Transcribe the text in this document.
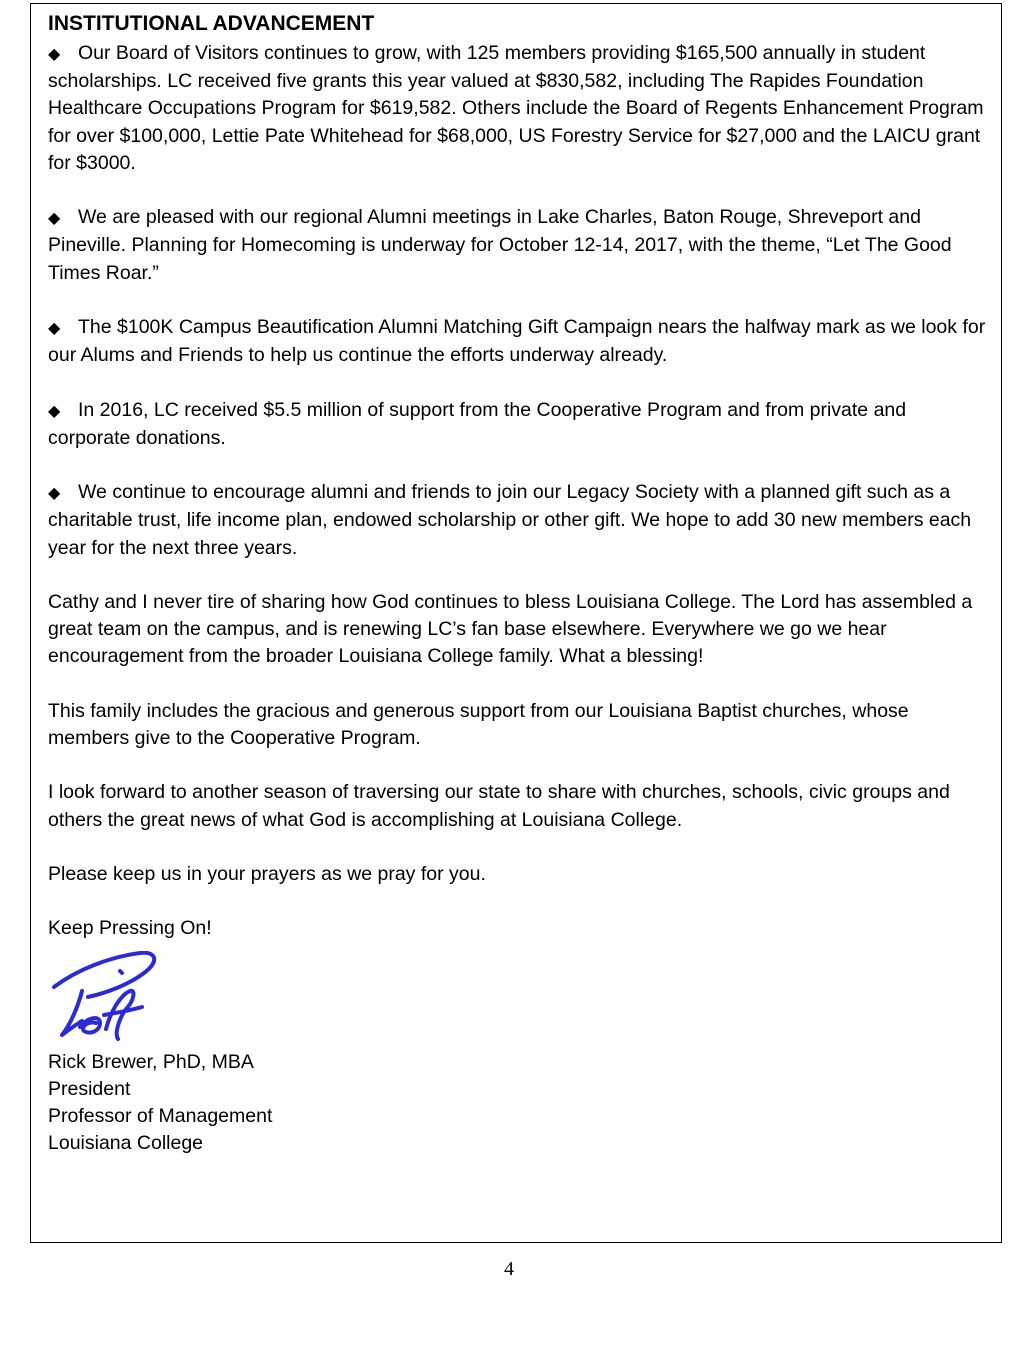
INSTITUTIONAL ADVANCEMENT

◆ Our Board of Visitors continues to grow, with 125 members providing $165,500 annually in student scholarships. LC received five grants this year valued at $830,582, including The Rapides Foundation Healthcare Occupations Program for $619,582. Others include the Board of Regents Enhancement Program for over $100,000, Lettie Pate Whitehead for $68,000, US Forestry Service for $27,000 and the LAICU grant for $3000.

◆ We are pleased with our regional Alumni meetings in Lake Charles, Baton Rouge, Shreveport and Pineville. Planning for Homecoming is underway for October 12-14, 2017, with the theme, “Let The Good Times Roar.”

◆ The $100K Campus Beautification Alumni Matching Gift Campaign nears the halfway mark as we look for our Alums and Friends to help us continue the efforts underway already.

◆ In 2016, LC received $5.5 million of support from the Cooperative Program and from private and corporate donations.

◆ We continue to encourage alumni and friends to join our Legacy Society with a planned gift such as a charitable trust, life income plan, endowed scholarship or other gift. We hope to add 30 new members each year for the next three years.

Cathy and I never tire of sharing how God continues to bless Louisiana College. The Lord has assembled a great team on the campus, and is renewing LC’s fan base elsewhere. Everywhere we go we hear encouragement from the broader Louisiana College family. What a blessing!

This family includes the gracious and generous support from our Louisiana Baptist churches, whose members give to the Cooperative Program.

I look forward to another season of traversing our state to share with churches, schools, civic groups and others the great news of what God is accomplishing at Louisiana College.

Please keep us in your prayers as we pray for you.

Keep Pressing On!

Rick Brewer, PhD, MBA

President

Professor of Management

Louisiana College

4
